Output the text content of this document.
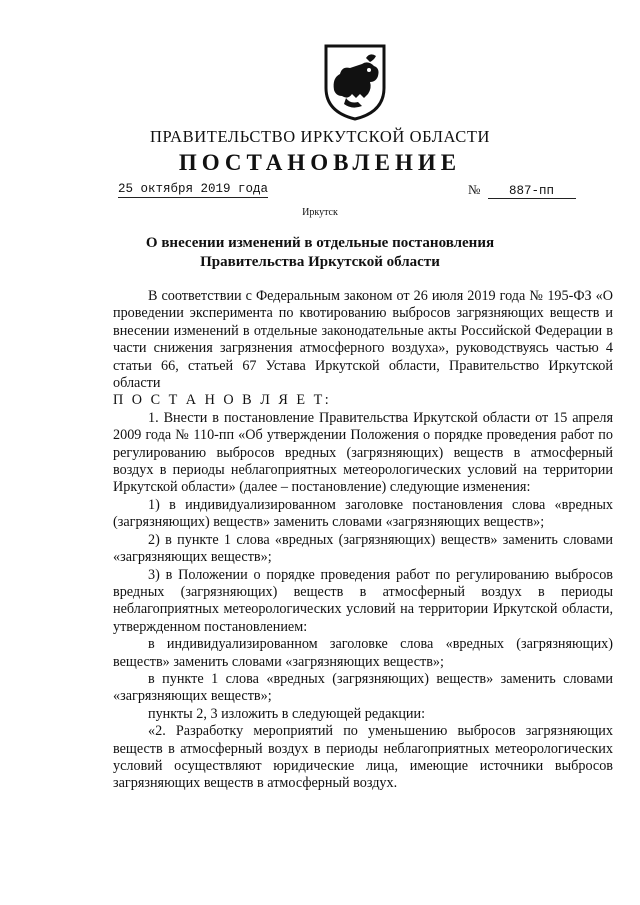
ПРАВИТЕЛЬСТВО ИРКУТСКОЙ ОБЛАСТИ
ПОСТАНОВЛЕНИЕ
25 октября 2019 года	№ 887-пп
Иркутск
О внесении изменений в отдельные постановления
Правительства Иркутской области

В соответствии с Федеральным законом от 26 июля 2019 года № 195-ФЗ «О проведении эксперимента по квотированию выбросов загрязняющих веществ и внесении изменений в отдельные законодательные акты Российской Федерации в части снижения загрязнения атмосферного воздуха», руководствуясь частью 4 статьи 66, статьей 67 Устава Иркутской области, Правительство Иркутской области

П О С Т А Н О В Л Я Е Т:

1. Внести в постановление Правительства Иркутской области от 15 апреля 2009 года № 110-пп «Об утверждении Положения о порядке проведения работ по регулированию выбросов вредных (загрязняющих) веществ в атмосферный воздух в периоды неблагоприятных метеорологических условий на территории Иркутской области» (далее – постановление) следующие изменения:

1) в индивидуализированном заголовке постановления слова «вредных (загрязняющих) веществ» заменить словами «загрязняющих веществ»;

2) в пункте 1 слова «вредных (загрязняющих) веществ» заменить словами «загрязняющих веществ»;

3) в Положении о порядке проведения работ по регулированию выбросов вредных (загрязняющих) веществ в атмосферный воздух в периоды неблагоприятных метеорологических условий на территории Иркутской области, утвержденном постановлением:

в индивидуализированном заголовке слова «вредных (загрязняющих) веществ» заменить словами «загрязняющих веществ»;

в пункте 1 слова «вредных (загрязняющих) веществ» заменить словами «загрязняющих веществ»;

пункты 2, 3 изложить в следующей редакции:

«2. Разработку мероприятий по уменьшению выбросов загрязняющих веществ в атмосферный воздух в периоды неблагоприятных метеорологических условий осуществляют юридические лица, имеющие источники выбросов загрязняющих веществ в атмосферный воздух.
